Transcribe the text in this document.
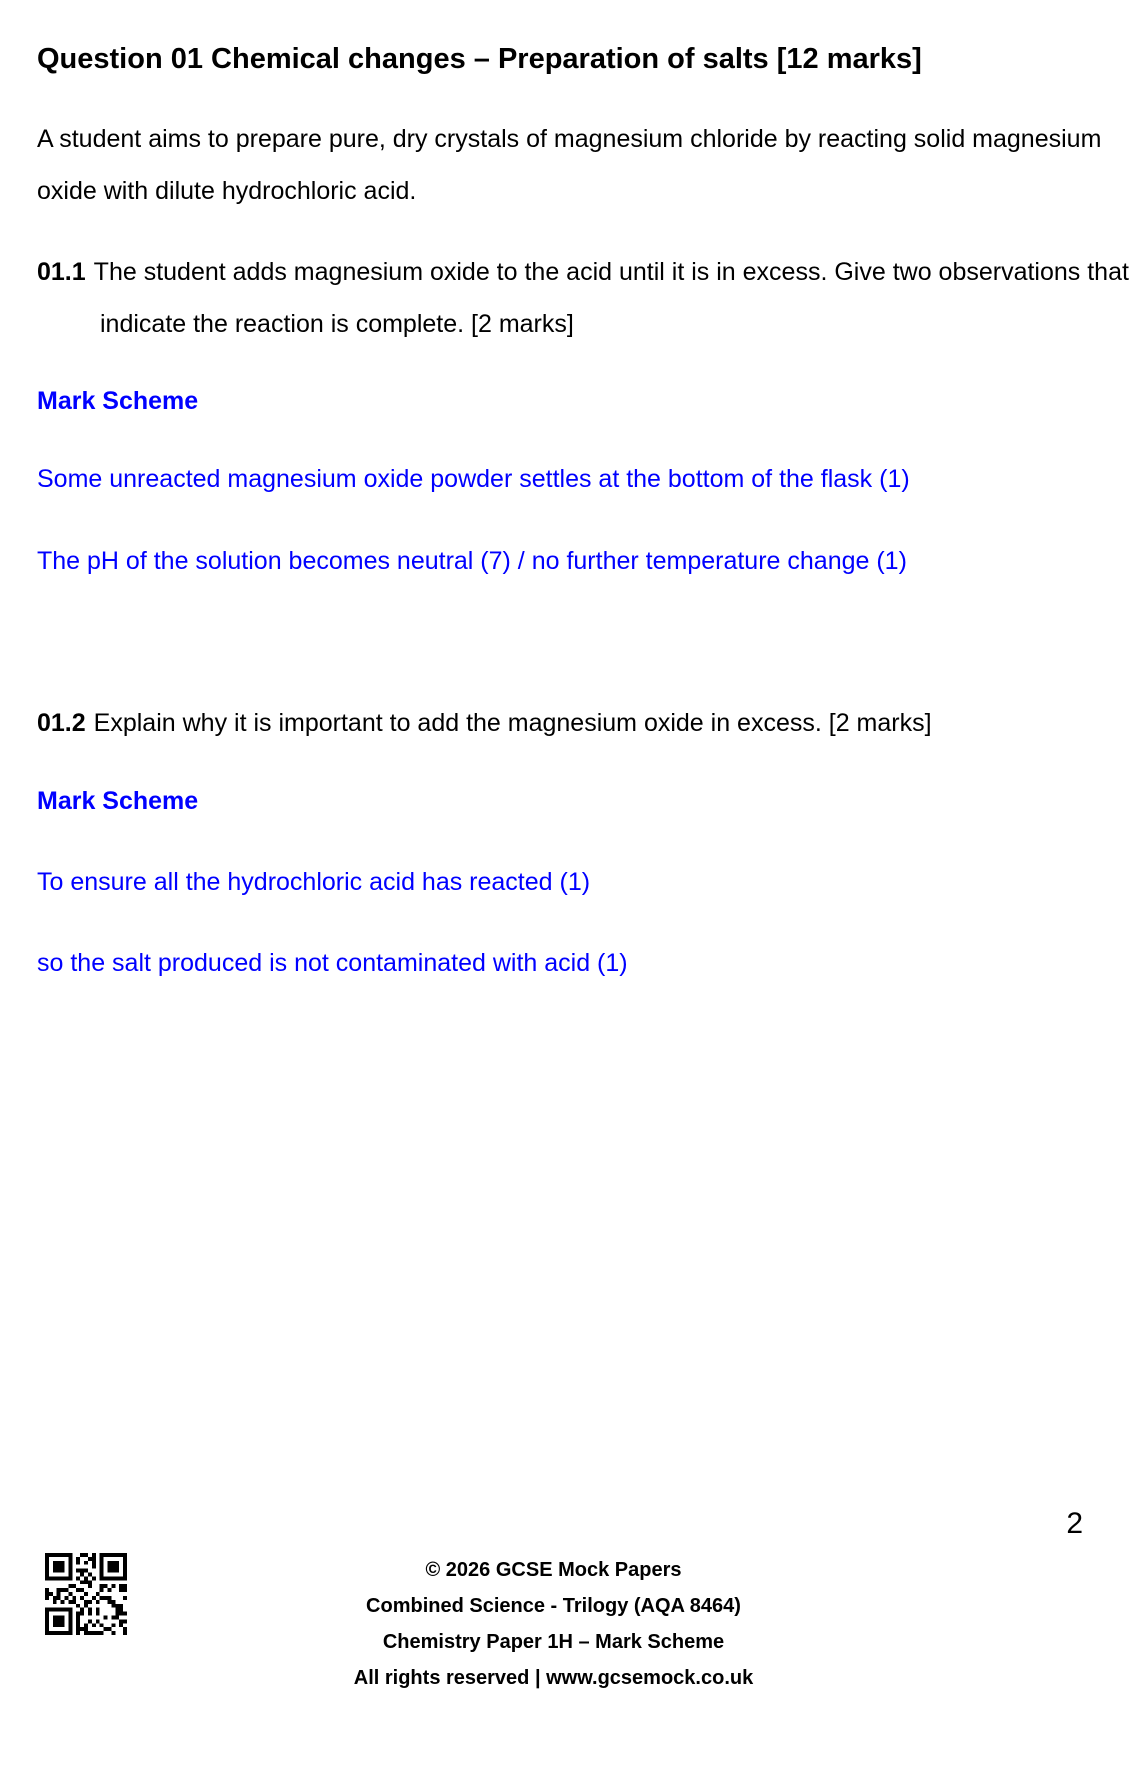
Question 01 Chemical changes – Preparation of salts [12 marks]

A student aims to prepare pure, dry crystals of magnesium chloride by reacting solid magnesium oxide with dilute hydrochloric acid.

01.1 The student adds magnesium oxide to the acid until it is in excess. Give two observations that indicate the reaction is complete. [2 marks]

Mark Scheme

Some unreacted magnesium oxide powder settles at the bottom of the flask (1)

The pH of the solution becomes neutral (7) / no further temperature change (1)

01.2 Explain why it is important to add the magnesium oxide in excess. [2 marks]

Mark Scheme

To ensure all the hydrochloric acid has reacted (1)

so the salt produced is not contaminated with acid (1)

2
© 2026 GCSE Mock Papers
Combined Science - Trilogy (AQA 8464)
Chemistry Paper 1H – Mark Scheme
All rights reserved | www.gcsemock.co.uk
